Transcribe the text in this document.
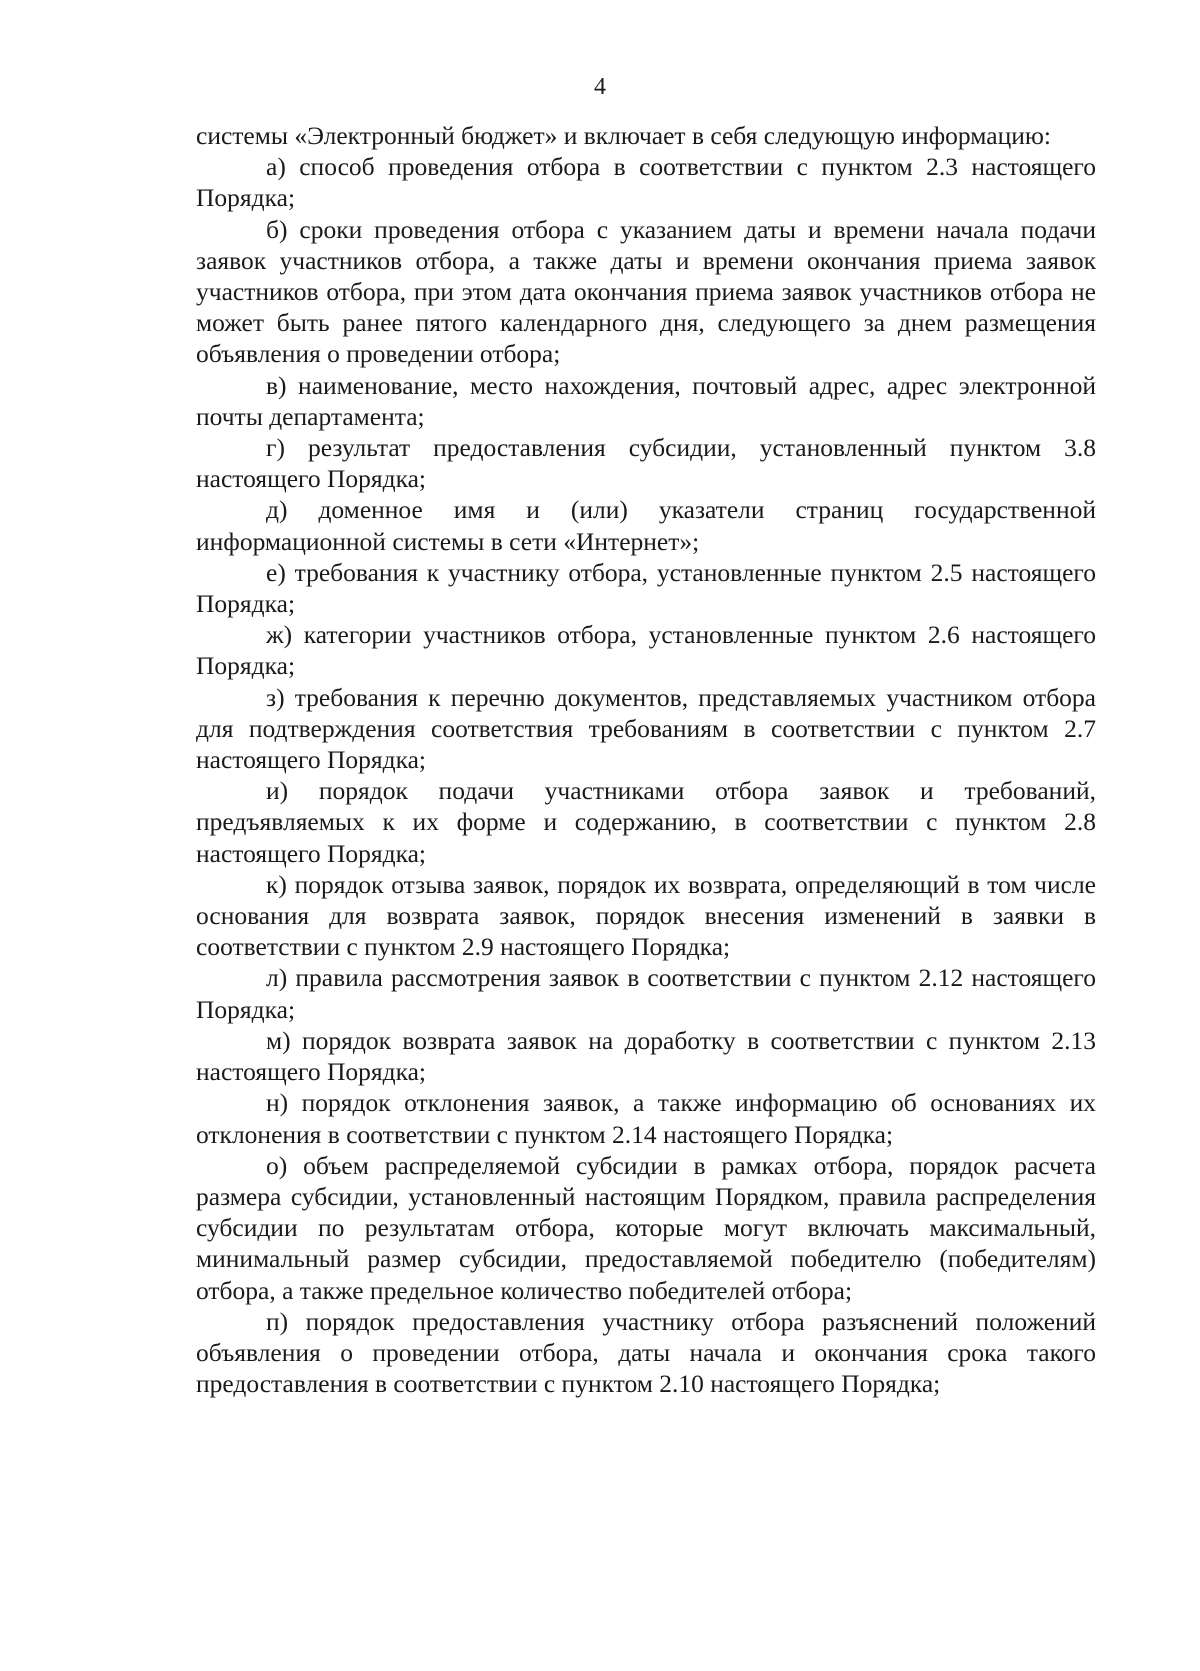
4

системы «Электронный бюджет» и включает в себя следующую информацию:

а) способ проведения отбора в соответствии с пунктом 2.3 настоящего Порядка;

б) сроки проведения отбора с указанием даты и времени начала подачи заявок участников отбора, а также даты и времени окончания приема заявок участников отбора, при этом дата окончания приема заявок участников отбора не может быть ранее пятого календарного дня, следующего за днем размещения объявления о проведении отбора;

в) наименование, место нахождения, почтовый адрес, адрес электронной почты департамента;

г) результат предоставления субсидии, установленный пунктом 3.8 настоящего Порядка;

д) доменное имя и (или) указатели страниц государственной информационной системы в сети «Интернет»;

е) требования к участнику отбора, установленные пунктом 2.5 настоящего Порядка;

ж) категории участников отбора, установленные пунктом 2.6 настоящего Порядка;

з) требования к перечню документов, представляемых участником отбора для подтверждения соответствия требованиям в соответствии с пунктом 2.7 настоящего Порядка;

и) порядок подачи участниками отбора заявок и требований, предъявляемых к их форме и содержанию, в соответствии с пунктом 2.8 настоящего Порядка;

к) порядок отзыва заявок, порядок их возврата, определяющий в том числе основания для возврата заявок, порядок внесения изменений в заявки в соответствии с пунктом 2.9 настоящего Порядка;

л) правила рассмотрения заявок в соответствии с пунктом 2.12 настоящего Порядка;

м) порядок возврата заявок на доработку в соответствии с пунктом 2.13 настоящего Порядка;

н) порядок отклонения заявок, а также информацию об основаниях их отклонения в соответствии с пунктом 2.14 настоящего Порядка;

о) объем распределяемой субсидии в рамках отбора, порядок расчета размера субсидии, установленный настоящим Порядком, правила распределения субсидии по результатам отбора, которые могут включать максимальный, минимальный размер субсидии, предоставляемой победителю (победителям) отбора, а также предельное количество победителей отбора;

п) порядок предоставления участнику отбора разъяснений положений объявления о проведении отбора, даты начала и окончания срока такого предоставления в соответствии с пунктом 2.10 настоящего Порядка;
